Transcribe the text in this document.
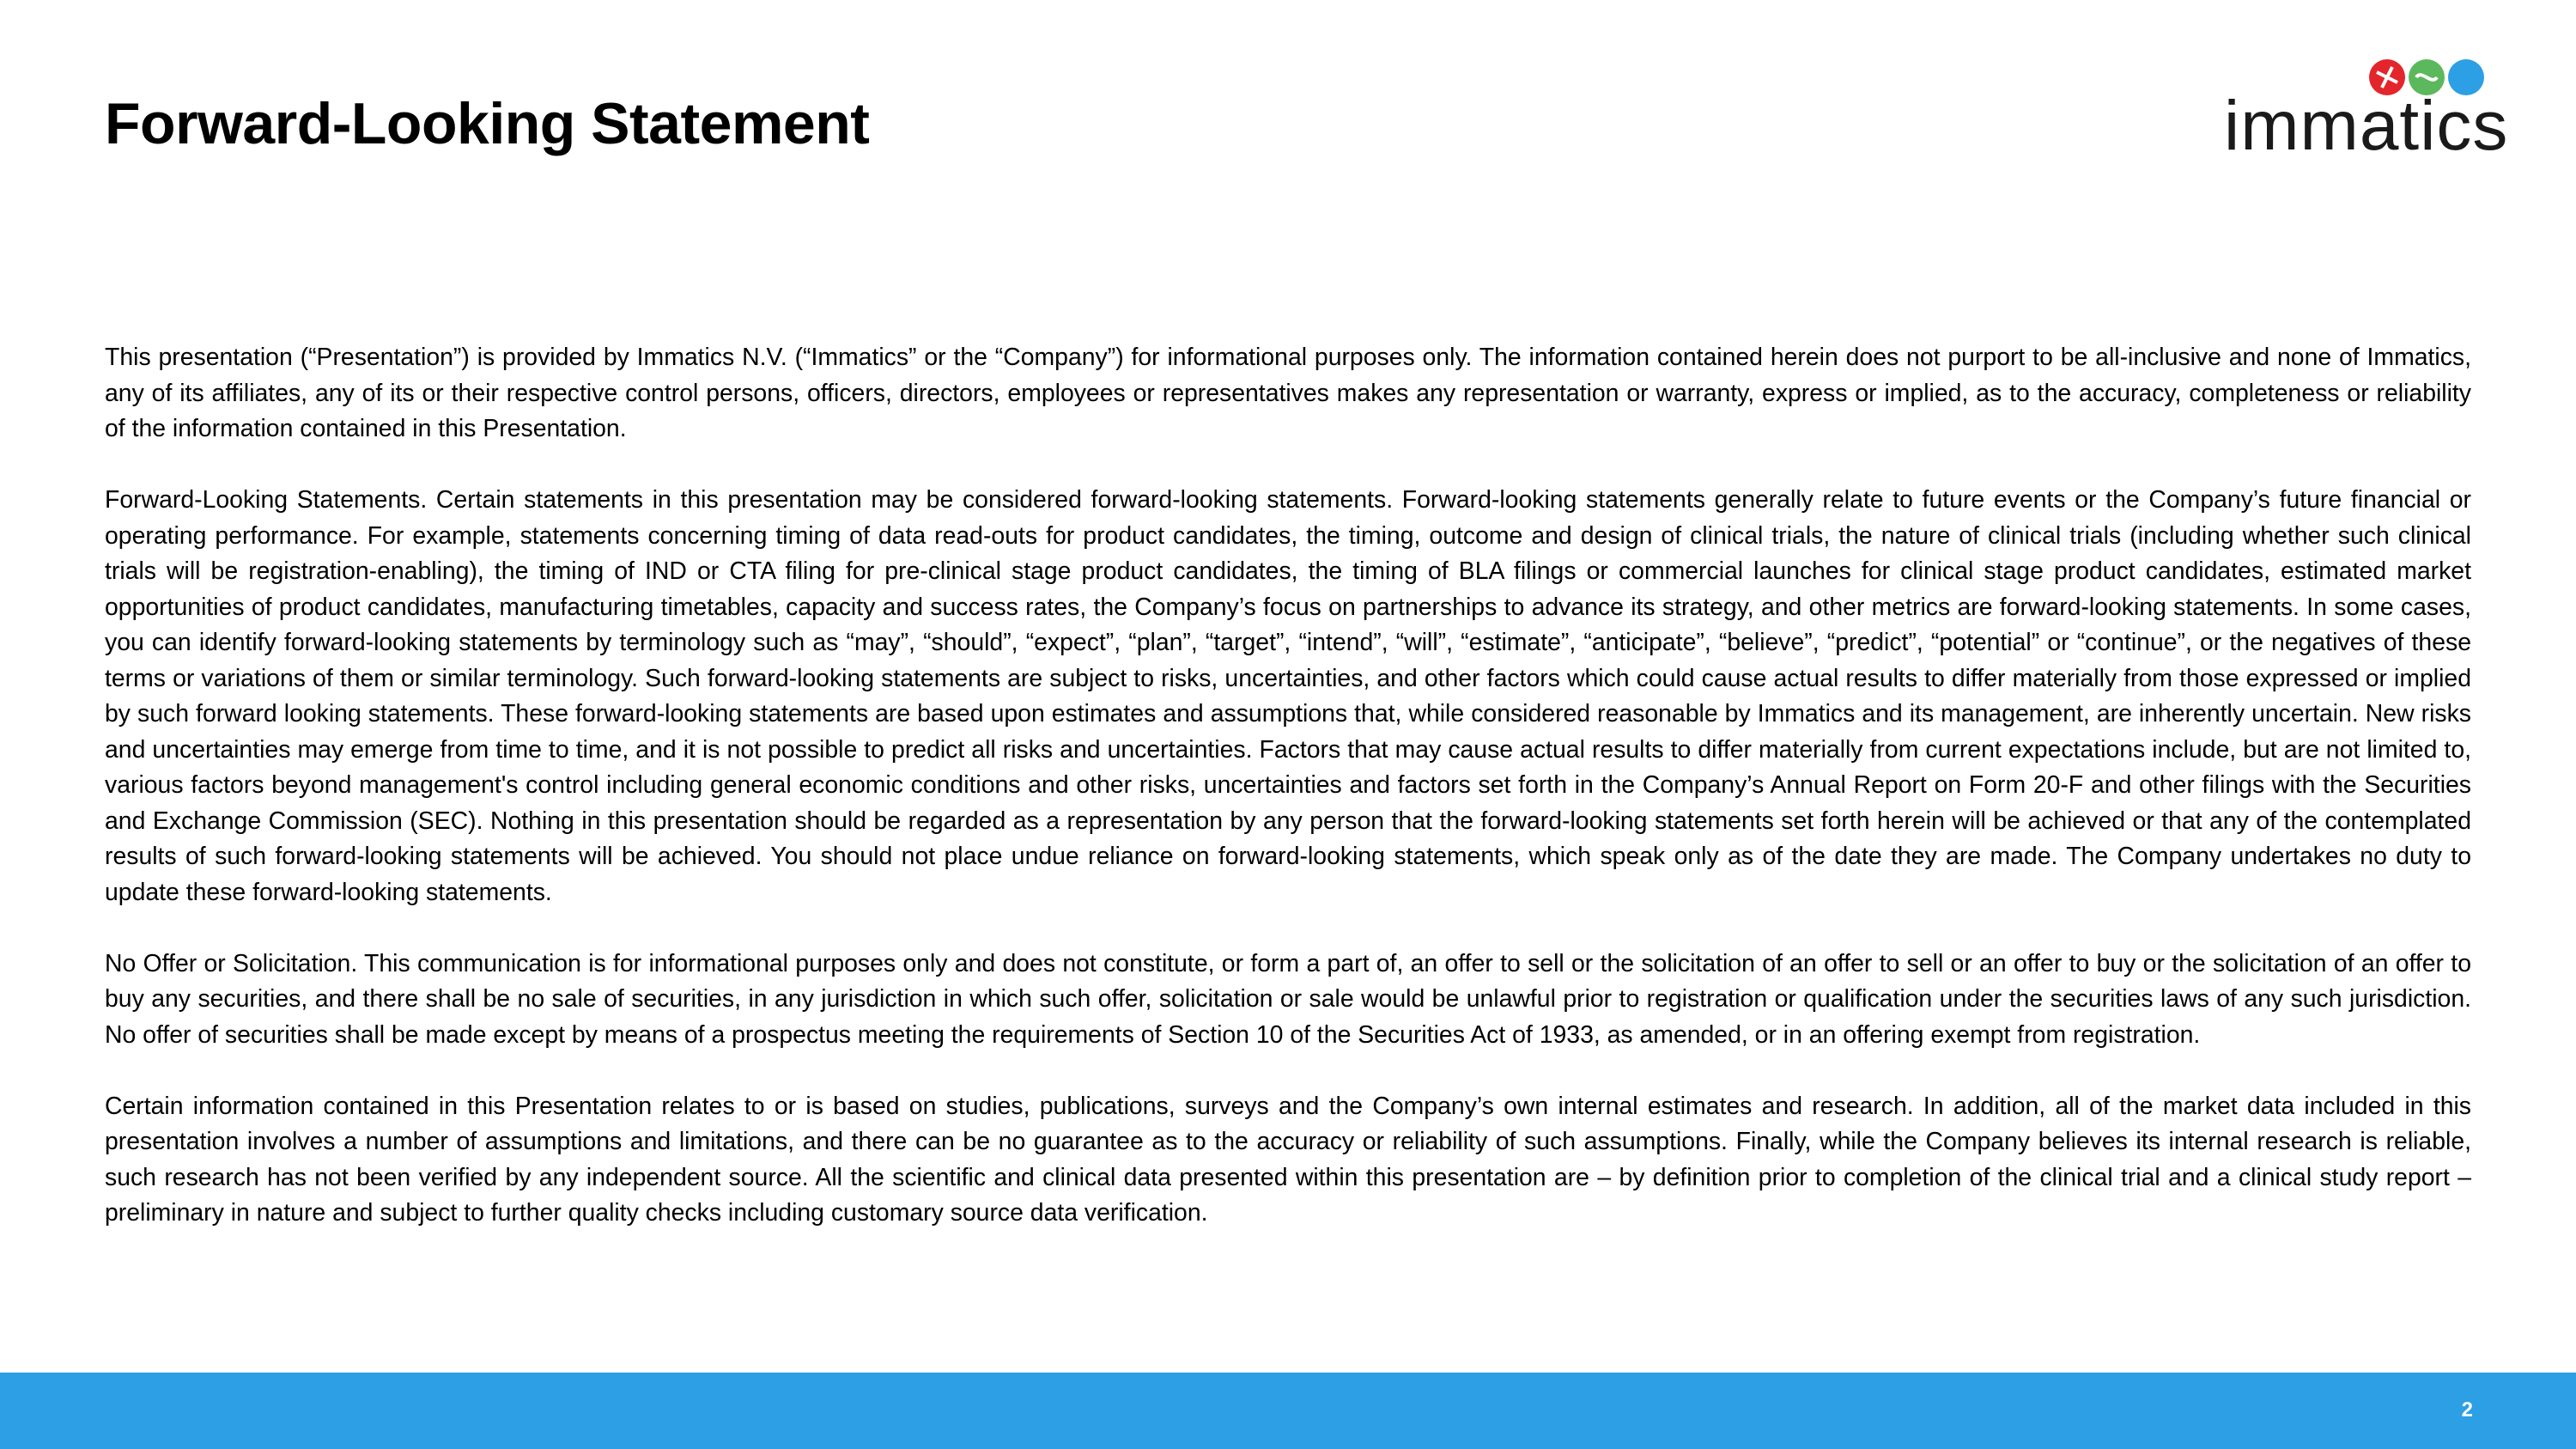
Forward-Looking Statement	immatics

This presentation (“Presentation”) is provided by Immatics N.V. (“Immatics” or the “Company”) for informational purposes only. The information contained herein does not purport to be all-inclusive and none of Immatics, any of its affiliates, any of its or their respective control persons, officers, directors, employees or representatives makes any representation or warranty, express or implied, as to the accuracy, completeness or reliability of the information contained in this Presentation.

Forward-Looking Statements. Certain statements in this presentation may be considered forward-looking statements. Forward-looking statements generally relate to future events or the Company’s future financial or operating performance. For example, statements concerning timing of data read-outs for product candidates, the timing, outcome and design of clinical trials, the nature of clinical trials (including whether such clinical trials will be registration-enabling), the timing of IND or CTA filing for pre-clinical stage product candidates, the timing of BLA filings or commercial launches for clinical stage product candidates, estimated market opportunities of product candidates, manufacturing timetables, capacity and success rates, the Company’s focus on partnerships to advance its strategy, and other metrics are forward-looking statements. In some cases, you can identify forward-looking statements by terminology such as “may”, “should”, “expect”, “plan”, “target”, “intend”, “will”, “estimate”, “anticipate”, “believe”, “predict”, “potential” or “continue”, or the negatives of these terms or variations of them or similar terminology. Such forward-looking statements are subject to risks, uncertainties, and other factors which could cause actual results to differ materially from those expressed or implied by such forward looking statements. These forward-looking statements are based upon estimates and assumptions that, while considered reasonable by Immatics and its management, are inherently uncertain. New risks and uncertainties may emerge from time to time, and it is not possible to predict all risks and uncertainties. Factors that may cause actual results to differ materially from current expectations include, but are not limited to, various factors beyond management's control including general economic conditions and other risks, uncertainties and factors set forth in the Company’s Annual Report on Form 20-F and other filings with the Securities and Exchange Commission (SEC). Nothing in this presentation should be regarded as a representation by any person that the forward-looking statements set forth herein will be achieved or that any of the contemplated results of such forward-looking statements will be achieved. You should not place undue reliance on forward-looking statements, which speak only as of the date they are made. The Company undertakes no duty to update these forward-looking statements.

No Offer or Solicitation. This communication is for informational purposes only and does not constitute, or form a part of, an offer to sell or the solicitation of an offer to sell or an offer to buy or the solicitation of an offer to buy any securities, and there shall be no sale of securities, in any jurisdiction in which such offer, solicitation or sale would be unlawful prior to registration or qualification under the securities laws of any such jurisdiction. No offer of securities shall be made except by means of a prospectus meeting the requirements of Section 10 of the Securities Act of 1933, as amended, or in an offering exempt from registration.

Certain information contained in this Presentation relates to or is based on studies, publications, surveys and the Company’s own internal estimates and research. In addition, all of the market data included in this presentation involves a number of assumptions and limitations, and there can be no guarantee as to the accuracy or reliability of such assumptions. Finally, while the Company believes its internal research is reliable, such research has not been verified by any independent source. All the scientific and clinical data presented within this presentation are – by definition prior to completion of the clinical trial and a clinical study report – preliminary in nature and subject to further quality checks including customary source data verification.

2
